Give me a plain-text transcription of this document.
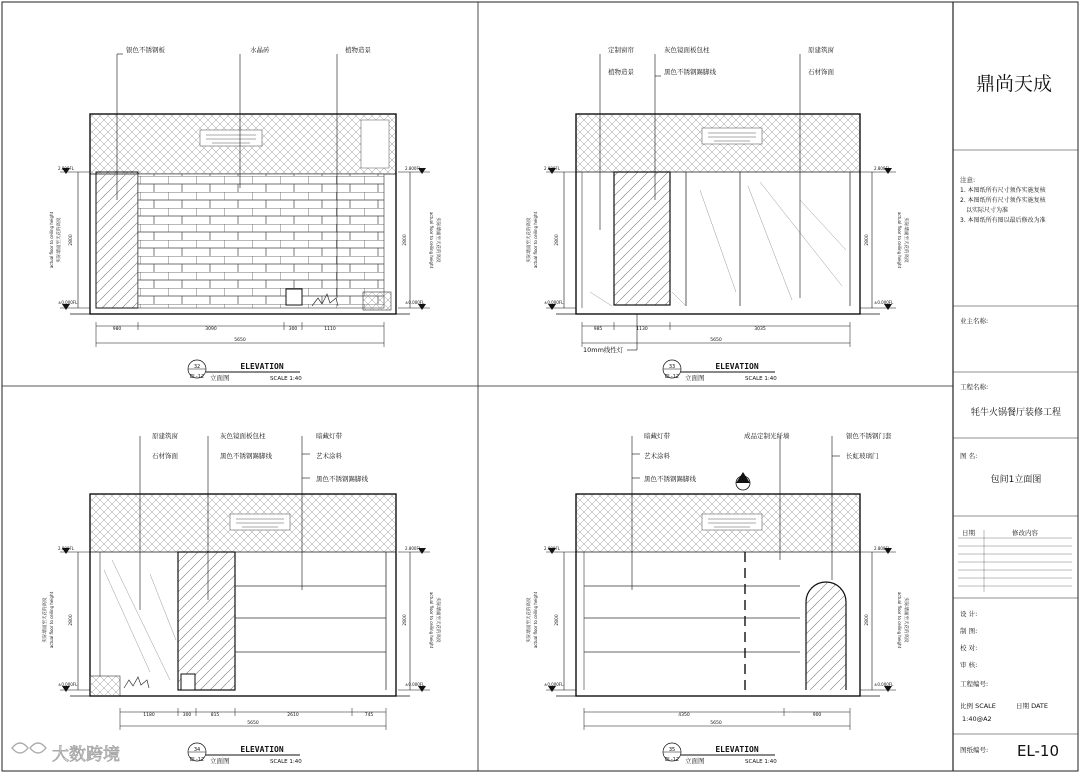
银色不锈钢板	水晶砖	植物造景
2.800FL
±0.000FL
2.800FL
±0.000FL
2800	2800
实际墙面至天花的高度
actual floor to ceiling height	actual floor to ceiling height 实际墙面至天花的高度
980	3090	300	1110
5650
32
EL-12
ELEVATION
立面图	SCALE 1:40
定制窗帘	灰色镜面板包柱	原建筑窗
植物造景	黑色不锈钢踢脚线	石材饰面
10mm线性灯
2.800FL
±0.000FL
2.800FL
±0.000FL
2800	2800
实际墙面至天花的高度 actual floor to ceiling height	actual floor to ceiling height 实际墙面至天花的高度
985	1130	3035
5650
33
EL-12
ELEVATION
立面图	SCALE 1:40
原建筑窗	灰色镜面板包柱	暗藏灯带
石材饰面	黑色不锈钢踢脚线	艺术涂料
黑色不锈钢踢脚线
2.800FL
±0.000FL
2.800FL
±0.000FL
2800	2800
实际墙面至天花的高度 actual floor to ceiling height	actual floor to ceiling height 实际墙面至天花的高度
1180	300	815	2610	745
5650
34
EL-12
ELEVATION
立面图	SCALE 1:40
暗藏灯带	成品定制光纤墙	银色不锈钢门套
艺术涂料	长虹玻璃门
黑色不锈钢踢脚线
2.800FL
±0.000FL
2.800FL
±0.000FL
2800	2800
实际墙面至天花的高度 actual floor to ceiling height	actual floor to ceiling height 实际墙面至天花的高度
4350	900
5650
35
EL-12
ELEVATION
立面图	SCALE 1:40
鼎尚天成
注意:
1. 本图纸所有尺寸须作实施复核
2. 本图纸所有尺寸须作实施复核
以实际尺寸为准
3. 本图纸所有图以最后修改为准
业主名称:
工程名称:
牦牛火锅餐厅装修工程
图 名:
包间1立面图
日期	修改内容
设 计:
制 图:
校 对:
审 核:
工程编号:
比例 SCALE	日期 DATE
1:40@A2
图纸编号: EL-10
大数跨境
